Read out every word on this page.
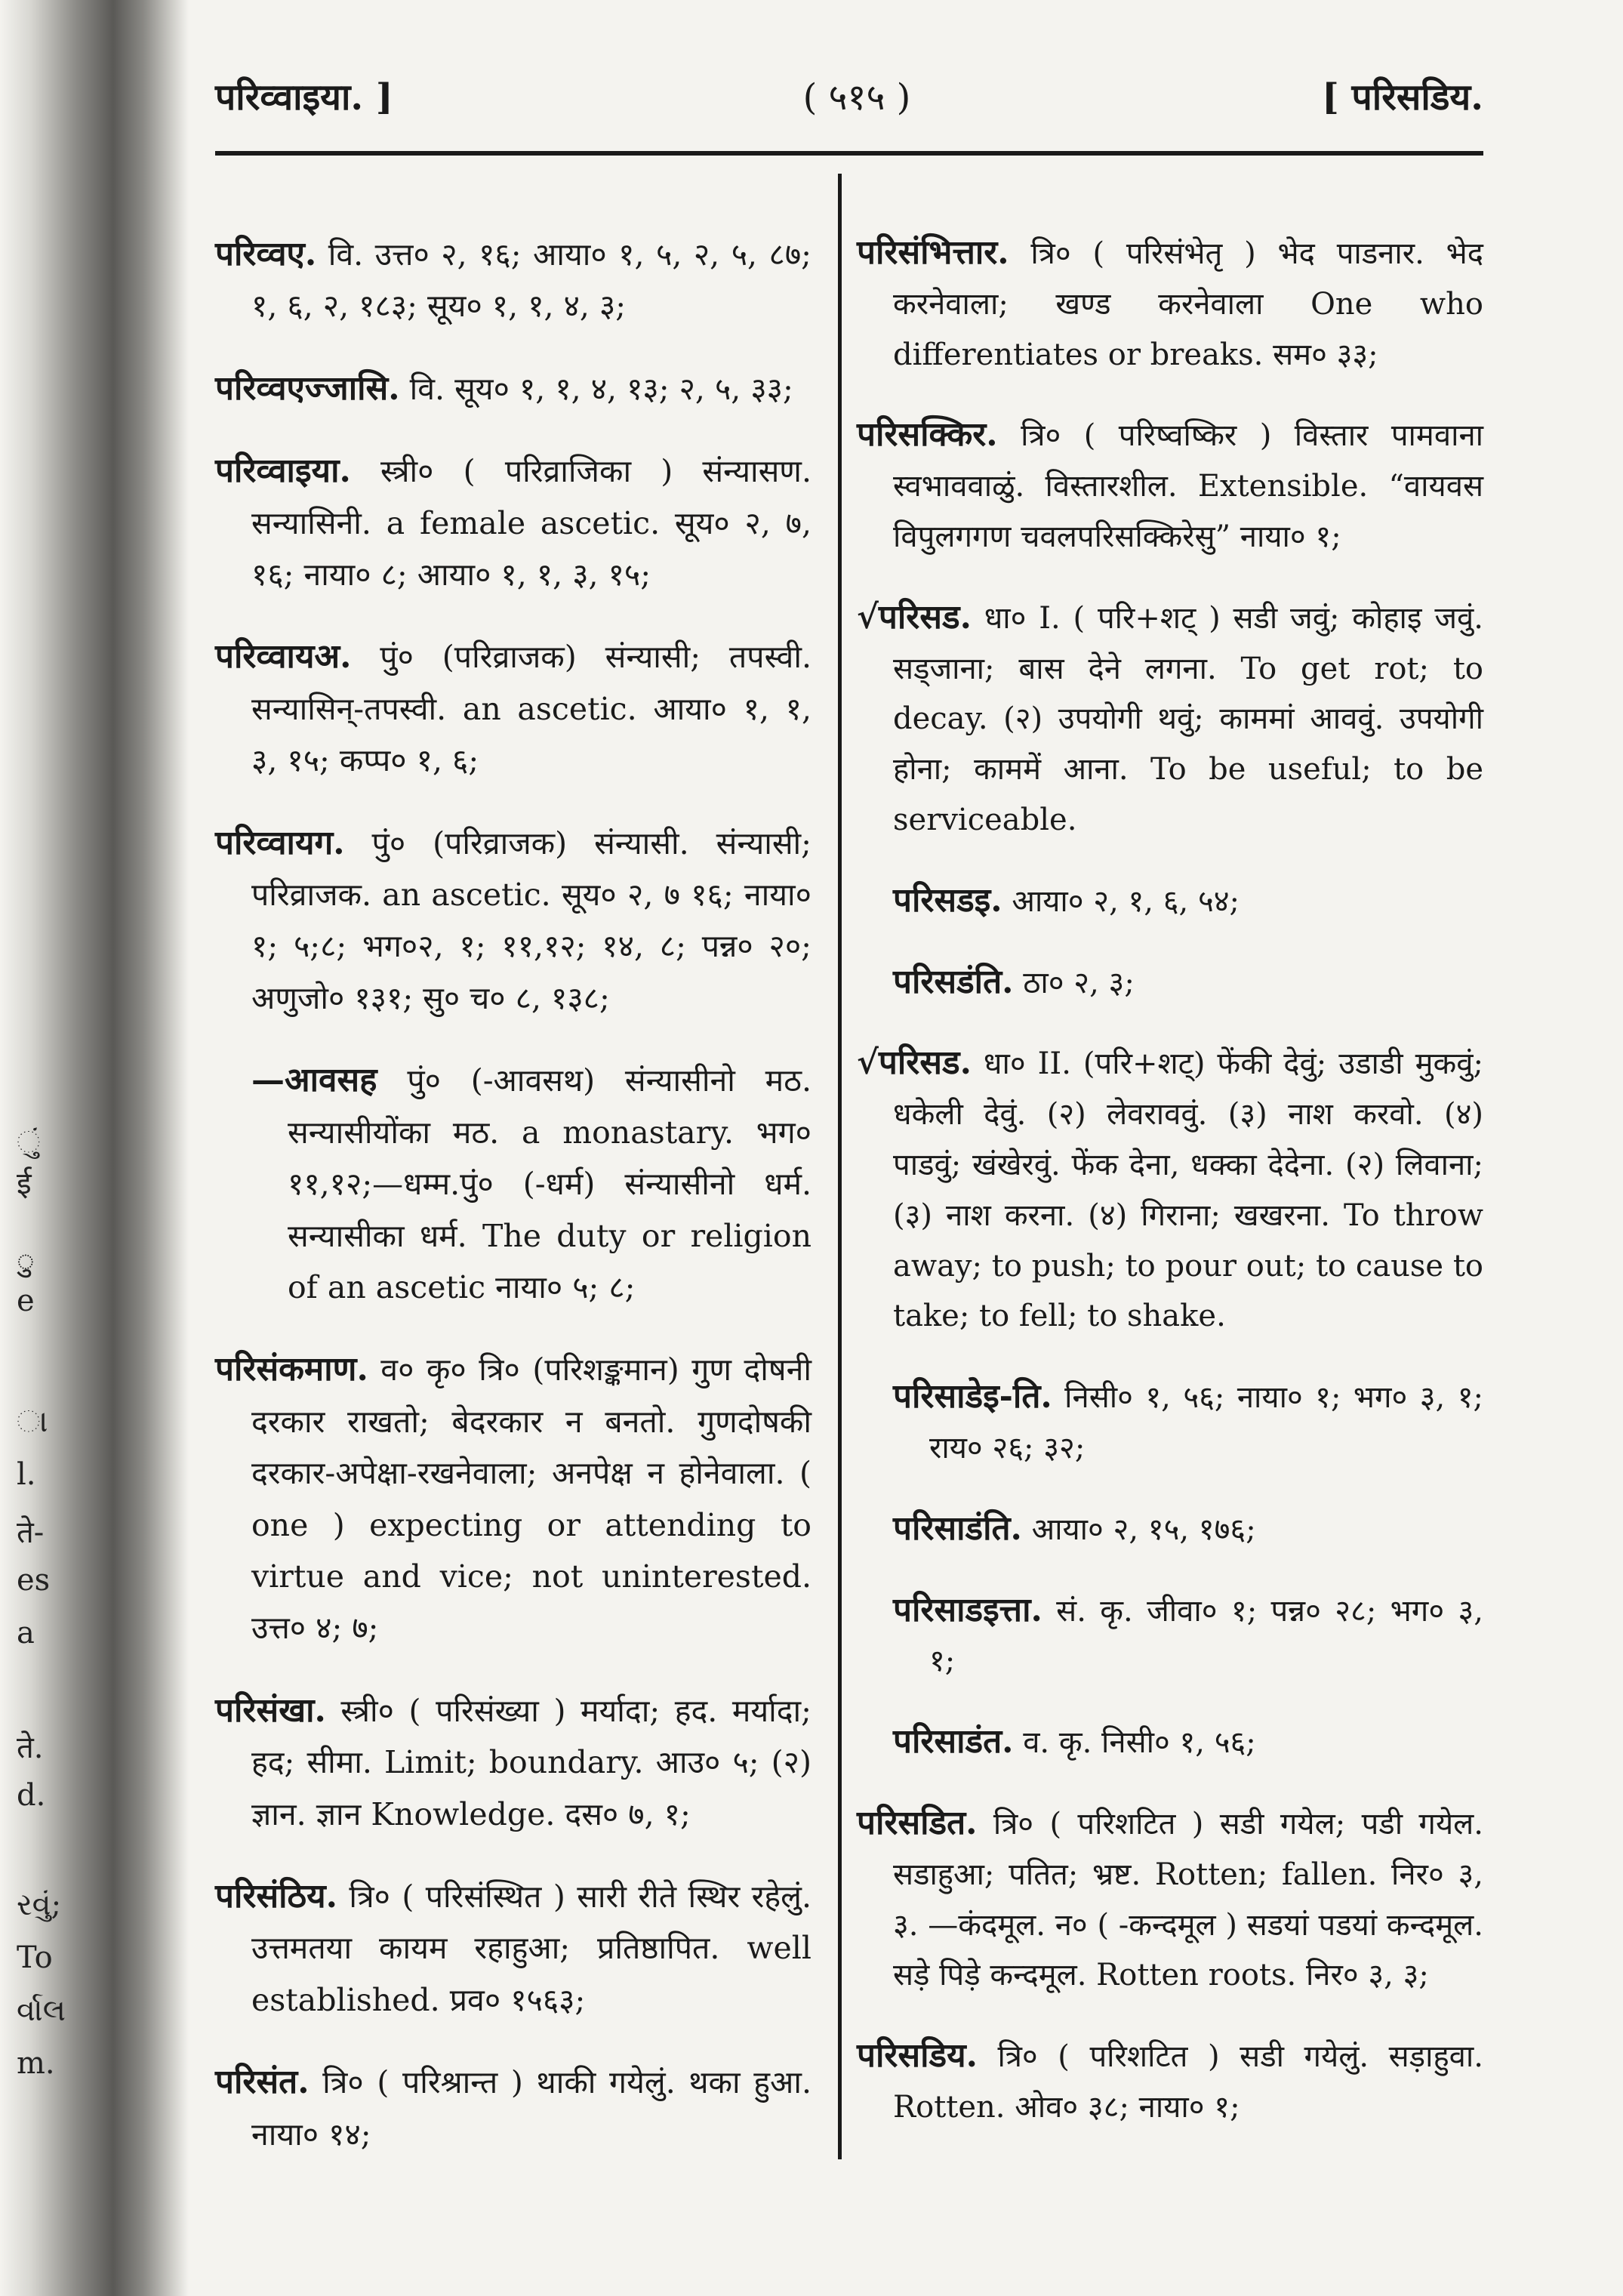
ું
ई
ु
e
ા
l.
ते-
es
a
ते.
d.
રવું;
To
ર્વાલ
m.
परिव्वाइया. ]	( ५१५ )	[ परिसडिय.

परिव्वए. वि. उत्त० २, १६; आया० १, ५, २, ५, ८७; १, ६, २, १८३; सूय० १, १, ४, ३;

परिव्वएज्जासि. वि. सूय० १, १, ४, १३; २, ५, ३३;

परिव्वाइया. स्त्री० ( परिव्राजिका ) संन्यासण. सन्यासिनी. a female ascetic. सूय० २, ७, १६; नाया० ८; आया० १, १, ३, १५;

परिव्वायअ. पुं० (परिव्राजक) संन्यासी; तपस्वी. सन्यासिन्-तपस्वी. an ascetic. आया० १, १, ३, १५; कप्प० १, ६;

परिव्वायग. पुं० (परिव्राजक) संन्यासी. संन्यासी; परिव्राजक. an ascetic. सूय० २, ७ १६; नाया० १; ५;८; भग०२, १; ११,१२; १४, ८; पन्न० २०; अणुजो० १३१; सु० च० ८, १३८;

—आवसह पुं० (-आवसथ) संन्यासीनो मठ. सन्यासीयोंका मठ. a monastary. भग० ११,१२;—धम्म.पुं० (-धर्म) संन्यासीनो धर्म. सन्यासीका धर्म. The duty or religion of an ascetic नाया० ५; ८;

परिसंकमाण. व० कृ० त्रि० (परिशङ्कमान) गुण दोषनी दरकार राखतो; बेदरकार न बनतो. गुणदोषकी दरकार-अपेक्षा-रखनेवाला; अनपेक्ष न होनेवाला. ( one ) expecting or attending to virtue and vice; not uninterested. उत्त० ४; ७;

परिसंखा. स्त्री० ( परिसंख्या ) मर्यादा; हद. मर्यादा; हद; सीमा. Limit; boundary. आउ० ५; (२) ज्ञान. ज्ञान Knowledge. दस० ७, १;

परिसंठिय. त्रि० ( परिसंस्थित ) सारी रीते स्थिर रहेलुं. उत्तमतया कायम रहाहुआ; प्रतिष्ठापित. well established. प्रव० १५६३;

परिसंत. त्रि० ( परिश्रान्त ) थाकी गयेलुं. थका हुआ. नाया० १४;

परिसंभित्तार. त्रि० ( परिसंभेतृ ) भेद पाडनार. भेद करनेवाला; खण्ड करनेवाला One who differentiates or breaks. सम० ३३;

परिसक्किर. त्रि० ( परिष्वष्किर ) विस्तार पामवाना स्वभाववाळुं. विस्तारशील. Extensible. “वायवस विपुलगगण चवलपरिसक्किरेसु” नाया० १;

√परिसड. धा० I. ( परि+शट् ) सडी जवुं; कोहाइ जवुं. सड्जाना; बास देने लगना. To get rot; to decay. (२) उपयोगी थवुं; काममां आववुं. उपयोगी होना; काममें आना. To be useful; to be serviceable.

परिसडइ. आया० २, १, ६, ५४;

परिसडंति. ठा० २, ३;

√परिसड. धा० II. (परि+शट्) फेंकी देवुं; उडाडी मुकवुं; धकेली देवुं. (२) लेवराववुं. (३) नाश करवो. (४) पाडवुं; खंखेरवुं. फेंक देना, धक्का देदेना. (२) लिवाना; (३) नाश करना. (४) गिराना; खखरना. To throw away; to push; to pour out; to cause to take; to fell; to shake.

परिसाडेइ-ति. निसी० १, ५६; नाया० १; भग० ३, १; राय० २६; ३२;

परिसाडंति. आया० २, १५, १७६;

परिसाडइत्ता. सं. कृ. जीवा० १; पन्न० २८; भग० ३, १;

परिसाडंत. व. कृ. निसी० १, ५६;

परिसडित. त्रि० ( परिशटित ) सडी गयेल; पडी गयेल. सडाहुआ; पतित; भ्रष्ट. Rotten; fallen. निर० ३, ३. —कंदमूल. न० ( -कन्दमूल ) सडयां पडयां कन्दमूल. सड़े पिड़े कन्दमूल. Rotten roots. निर० ३, ३;

परिसडिय. त्रि० ( परिशटित ) सडी गयेलुं. सड़ाहुवा. Rotten. ओव० ३८; नाया० १;
